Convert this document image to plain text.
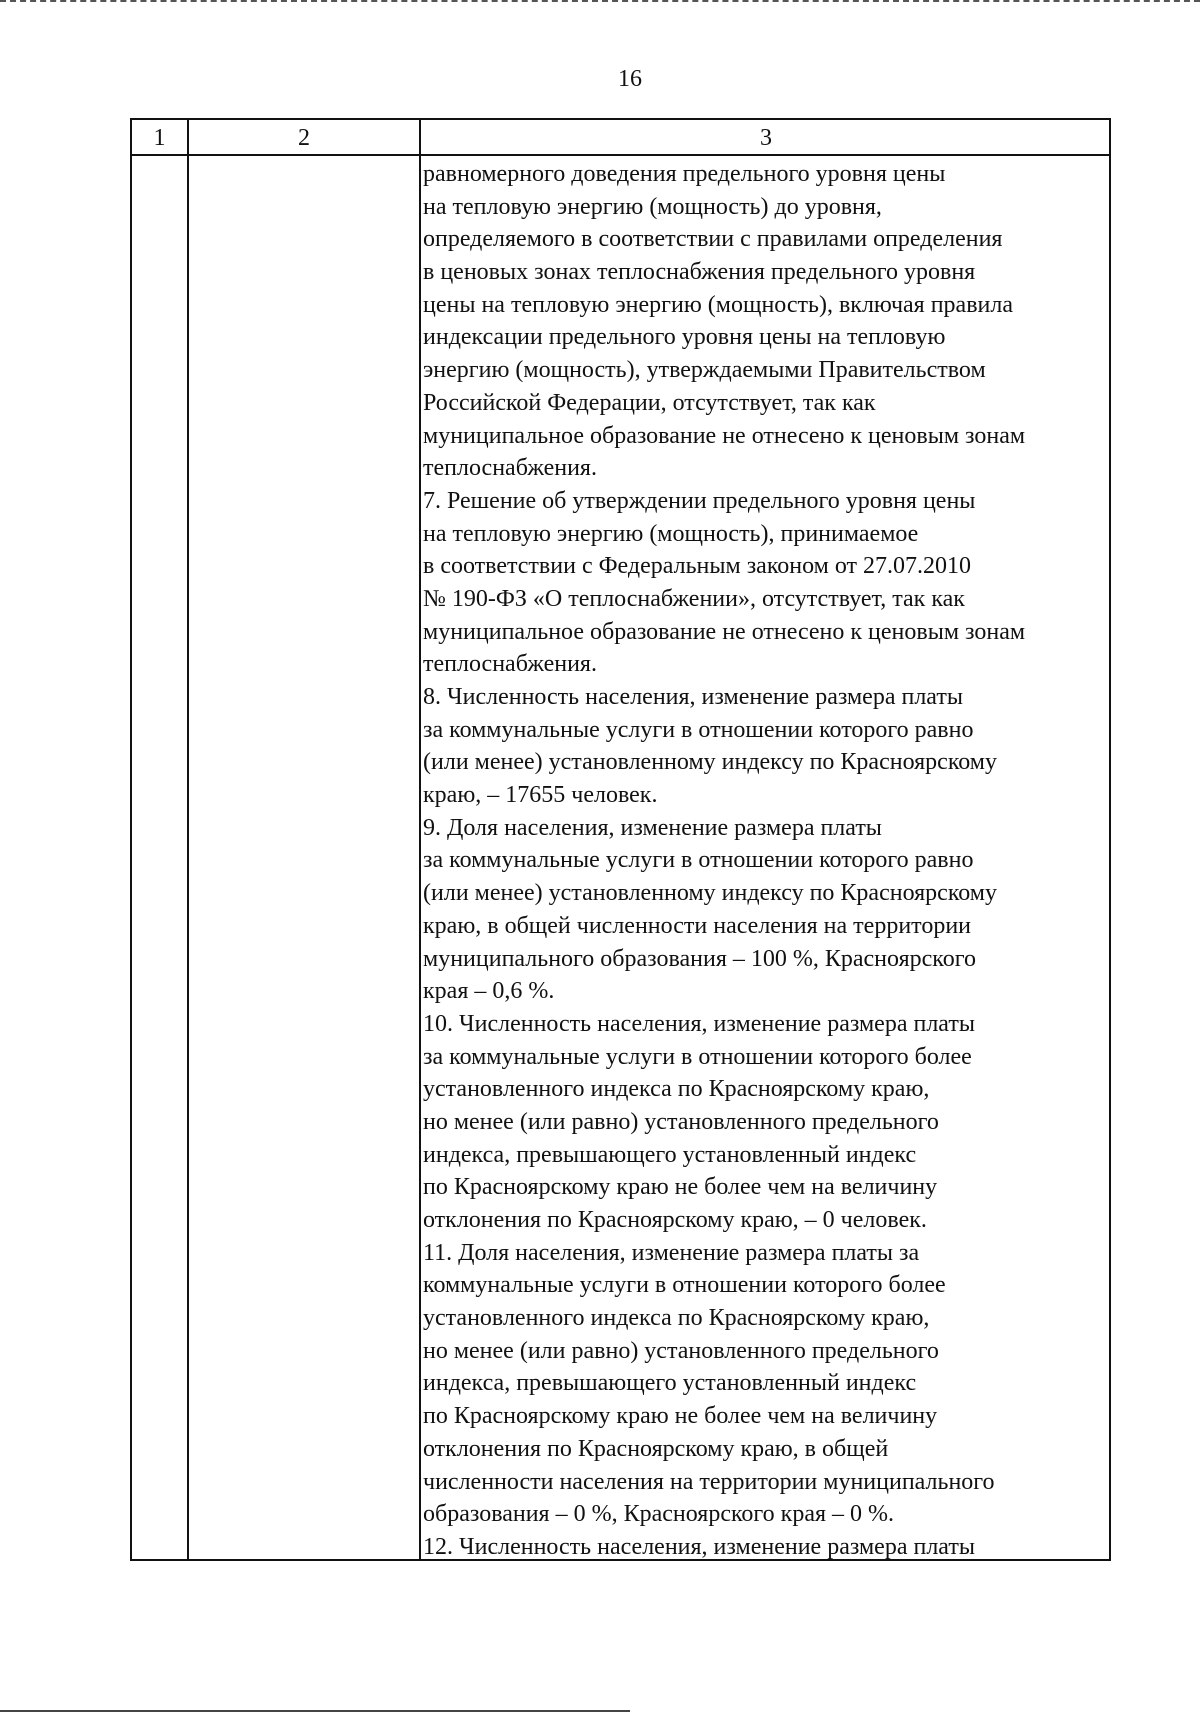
16
1	2	3
равномерного доведения предельного уровня цены
на тепловую энергию (мощность) до уровня,
определяемого в соответствии с правилами определения
в ценовых зонах теплоснабжения предельного уровня
цены на тепловую энергию (мощность), включая правила
индексации предельного уровня цены на тепловую
энергию (мощность), утверждаемыми Правительством
Российской Федерации, отсутствует, так как
муниципальное образование не отнесено к ценовым зонам
теплоснабжения.
7. Решение об утверждении предельного уровня цены
на тепловую энергию (мощность), принимаемое
в соответствии с Федеральным законом от 27.07.2010
№ 190-ФЗ «О теплоснабжении», отсутствует, так как
муниципальное образование не отнесено к ценовым зонам
теплоснабжения.
8. Численность населения, изменение размера платы
за коммунальные услуги в отношении которого равно
(или менее) установленному индексу по Красноярскому
краю, – 17655 человек.
9. Доля населения, изменение размера платы
за коммунальные услуги в отношении которого равно
(или менее) установленному индексу по Красноярскому
краю, в общей численности населения на территории
муниципального образования – 100 %, Красноярского
края – 0,6 %.
10. Численность населения, изменение размера платы
за коммунальные услуги в отношении которого более
установленного индекса по Красноярскому краю,
но менее (или равно) установленного предельного
индекса, превышающего установленный индекс
по Красноярскому краю не более чем на величину
отклонения по Красноярскому краю, – 0 человек.
11. Доля населения, изменение размера платы за
коммунальные услуги в отношении которого более
установленного индекса по Красноярскому краю,
но менее (или равно) установленного предельного
индекса, превышающего установленный индекс
по Красноярскому краю не более чем на величину
отклонения по Красноярскому краю, в общей
численности населения на территории муниципального
образования – 0 %, Красноярского края – 0 %.
12. Численность населения, изменение размера платы
